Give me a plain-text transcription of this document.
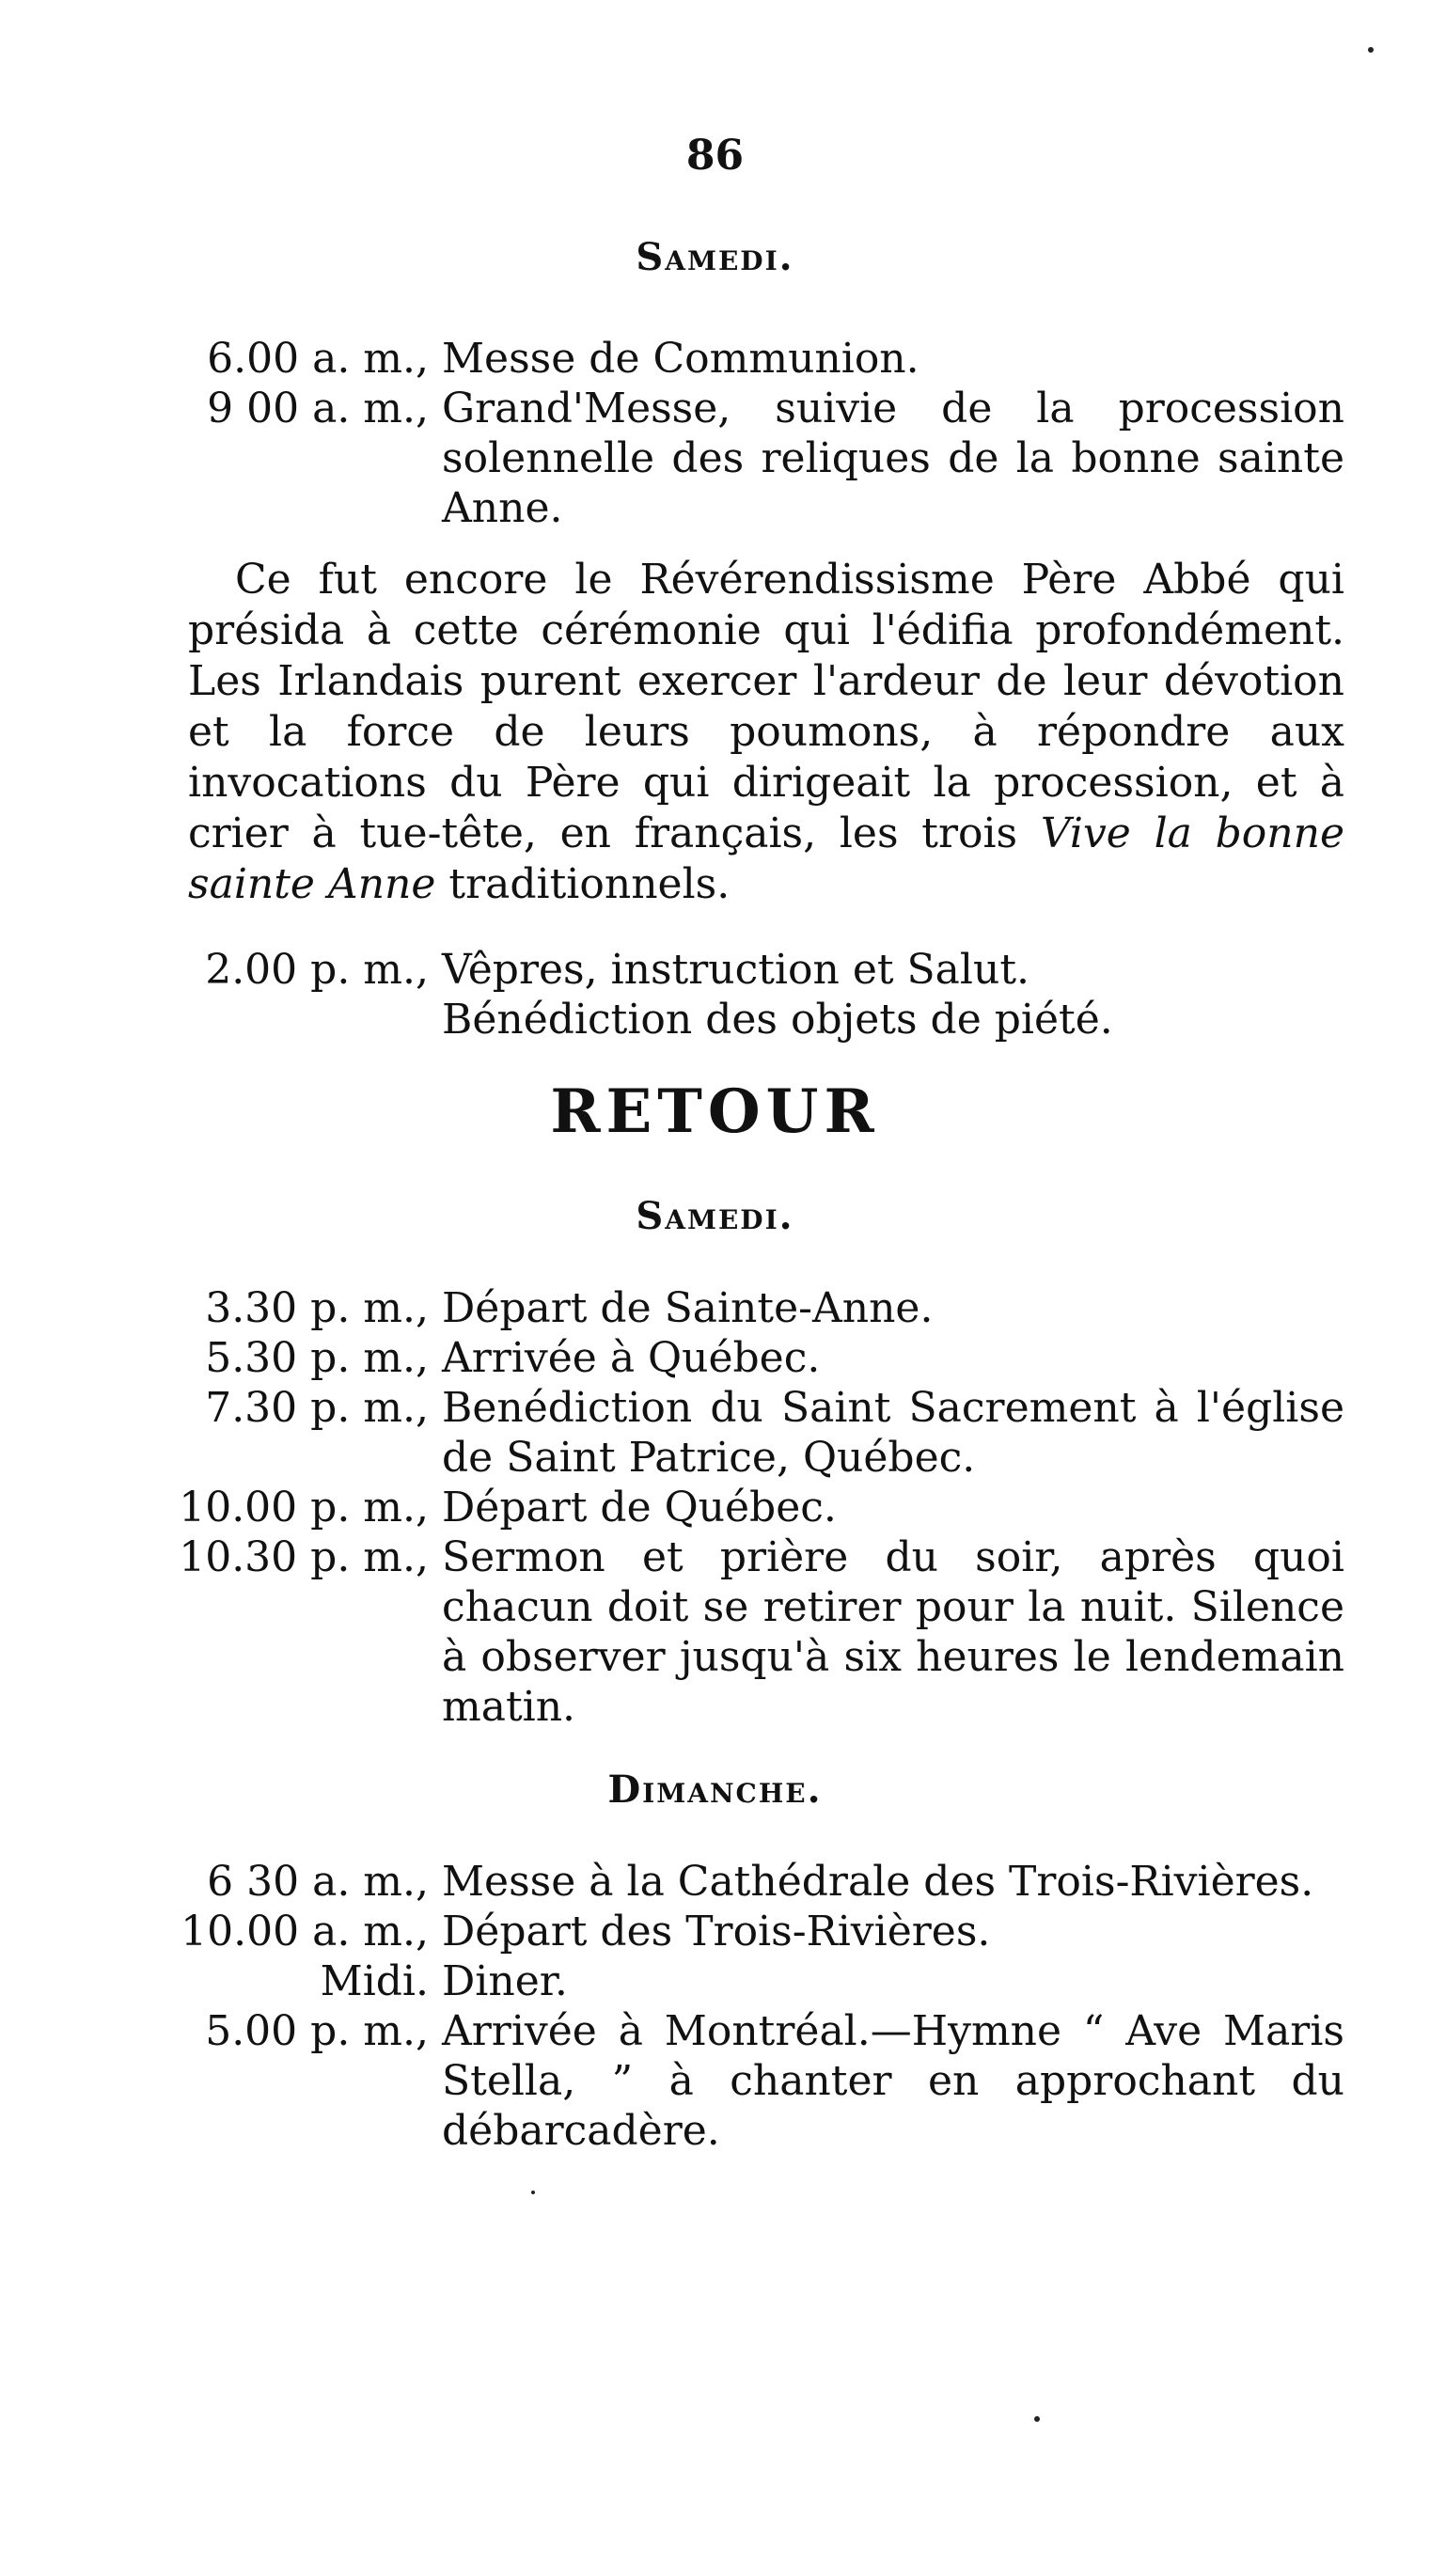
86
Samedi.
6.00 a. m., Messe de Communion.
9 00 a. m., Grand'Messe, suivie de la procession solennelle des reliques de la bonne sainte Anne.
Ce fut encore le Révérendissisme Père Abbé qui présida à cette cérémonie qui l'édifia profondément. Les Irlandais purent exercer l'ardeur de leur dévotion et la force de leurs poumons, à répondre aux invocations du Père qui dirigeait la procession, et à crier à tue-tête, en français, les trois Vive la bonne sainte Anne traditionnels.
2.00 p. m., Vêpres, instruction et Salut.
Bénédiction des objets de piété.
RETOUR
Samedi.
3.30 p. m., Départ de Sainte-Anne.
5.30 p. m., Arrivée à Québec.
7.30 p. m., Benédiction du Saint Sacrement à l'église de Saint Patrice, Québec.
10.00 p. m., Départ de Québec.
10.30 p. m., Sermon et prière du soir, après quoi chacun doit se retirer pour la nuit. Silence à observer jusqu'à six heures le lendemain matin.
Dimanche.
6 30 a. m., Messe à la Cathédrale des Trois-Rivières.
10.00 a. m., Départ des Trois-Rivières.
Midi. Diner.
5.00 p. m., Arrivée à Montréal.—Hymne “ Ave Maris Stella, ” à chanter en approchant du débarcadère.
